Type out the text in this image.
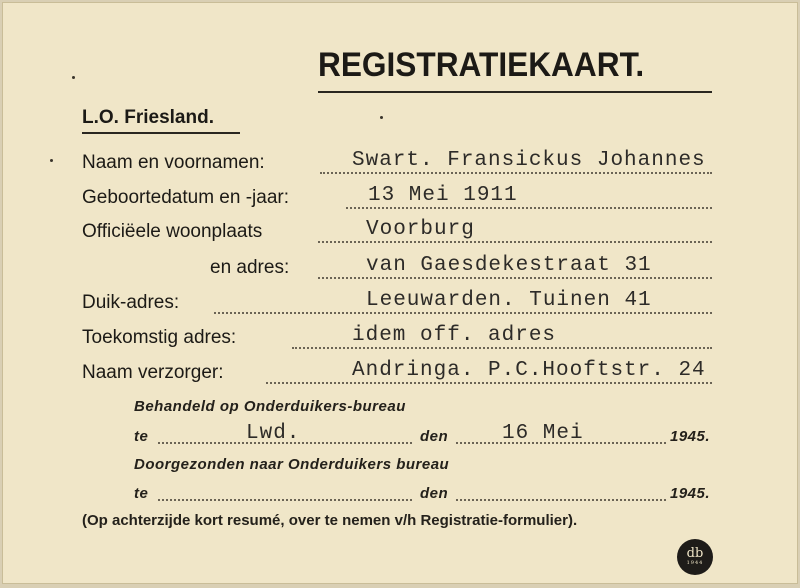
REGISTRATIEKAART.
L.O. Friesland.
Naam en voornamen:	Swart. Fransickus Johannes
Geboortedatum en -jaar:	13 Mei 1911
Officiëele woonplaats	Voorburg
en adres:	van Gaesdekestraat 31
Duik-adres:	Leeuwarden. Tuinen 41
Toekomstig adres:	idem off. adres
Naam verzorger:	Andringa. P.C.Hooftstr. 24
Behandeld op Onderduikers-bureau
te	Lwd.	den	16 Mei	1945.
Doorgezonden naar Onderduikers bureau
te	den	1945.
(Op achterzijde kort resumé, over te nemen v/h Registratie-formulier).
db
1944
